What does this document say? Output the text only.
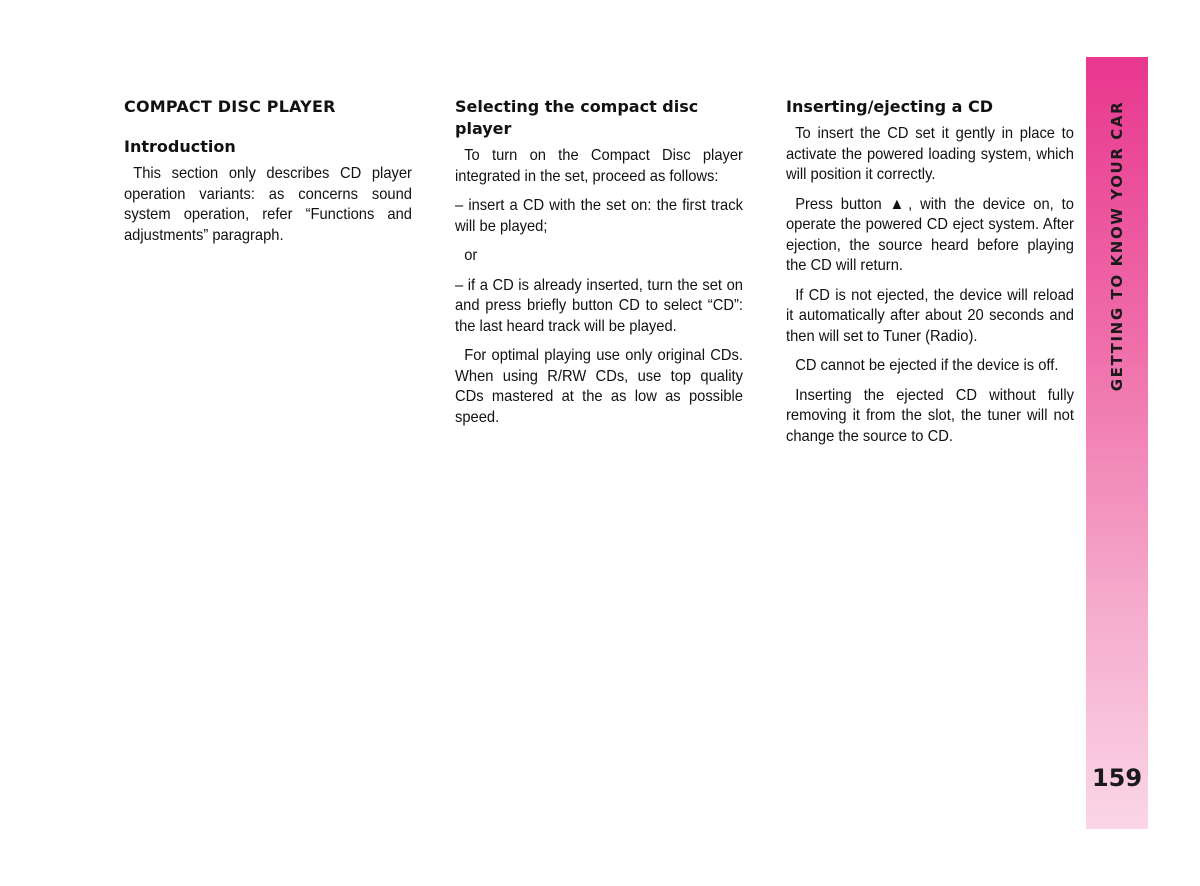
COMPACT DISC PLAYER
Introduction

This section only describes CD player operation variants: as concerns sound system operation, refer “Functions and adjustments” paragraph.

Selecting the compact disc player

To turn on the Compact Disc player integrated in the set, proceed as follows:

– insert a CD with the set on: the first track will be played;

or

– if a CD is already inserted, turn the set on and press briefly button CD to select “CD”: the last heard track will be played.

For optimal playing use only original CDs. When using R/RW CDs, use top quality CDs mastered at the as low as possible speed.

Inserting/ejecting a CD

To insert the CD set it gently in place to activate the powered loading system, which will position it correctly.

Press button ▲, with the device on, to operate the powered CD eject system. After ejection, the source heard before playing the CD will return.

If CD is not ejected, the device will reload it automatically after about 20 seconds and then will set to Tuner (Radio).

CD cannot be ejected if the device is off.

Inserting the ejected CD without fully removing it from the slot, the tuner will not change the source to CD.

GETTING TO KNOW YOUR CAR
159
